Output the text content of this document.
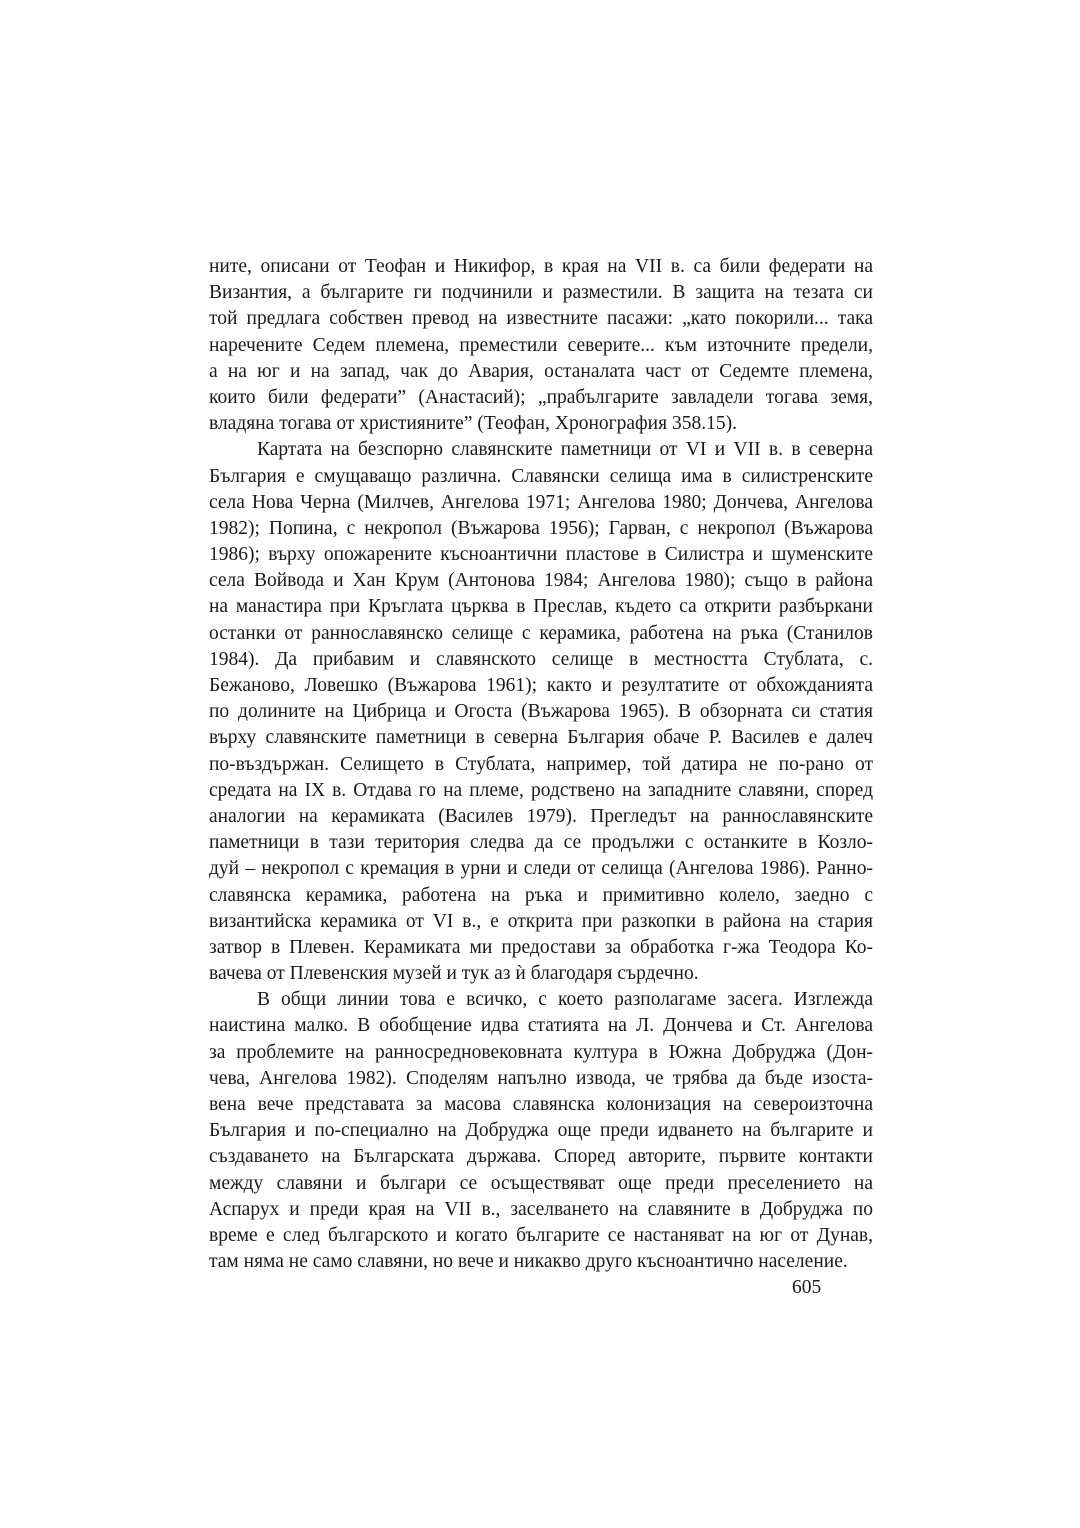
ните, описани от Теофан и Никифор, в края на VII в. са били федерати на
Византия, а българите ги подчинили и разместили. В защита на тезата си
той предлага собствен превод на известните пасажи: „като покорили... така
наречените Седем племена, преместили северите... към източните предели,
а на юг и на запад, чак до Авария, останалата част от Седемте племена,
които били федерати” (Анастасий); „прабългарите завладели тогава земя,
владяна тогава от християните” (Теофан, Хронография 358.15).
Картата на безспорно славянските паметници от VI и VII в. в северна
България е смущаващо различна. Славянски селища има в силистренските
села Нова Черна (Милчев, Ангелова 1971; Ангелова 1980; Дончева, Ангелова
1982); Попина, с некропол (Въжарова 1956); Гарван, с некропол (Въжарова
1986); върху опожарените късноантични пластове в Силистра и шуменските
села Войвода и Хан Крум (Антонова 1984; Ангелова 1980); също в района
на манастира при Кръглата църква в Преслав, където са открити разбъркани
останки от раннославянско селище с керамика, работена на ръка (Станилов
1984). Да прибавим и славянското селище в местността Стублата, с.
Бежаново, Ловешко (Въжарова 1961); както и резултатите от обхожданията
по долините на Цибрица и Огоста (Въжарова 1965). В обзорната си статия
върху славянските паметници в северна България обаче Р. Василев е далеч
по-въздържан. Селището в Стублата, например, той датира не по-рано от
средата на IX в. Отдава го на племе, родствено на западните славяни, според
аналогии на керамиката (Василев 1979). Прегледът на раннославянските
паметници в тази територия следва да се продължи с останките в Козло-
дуй – некропол с кремация в урни и следи от селища (Ангелова 1986). Ранно-
славянска керамика, работена на ръка и примитивно колело, заедно с
византийска керамика от VI в., е открита при разкопки в района на стария
затвор в Плевен. Керамиката ми предостави за обработка г-жа Теодора Ко-
вачева от Плевенския музей и тук аз ѝ благодаря сърдечно.
В общи линии това е всичко, с което разполагаме засега. Изглежда
наистина малко. В обобщение идва статията на Л. Дончева и Ст. Ангелова
за проблемите на ранносредновековната култура в Южна Добруджа (Дон-
чева, Ангелова 1982). Споделям напълно извода, че трябва да бъде изоста-
вена вече представата за масова славянска колонизация на североизточна
България и по-специално на Добруджа още преди идването на българите и
създаването на Българската държава. Според авторите, първите контакти
между славяни и българи се осъществяват още преди преселението на
Аспарух и преди края на VII в., заселването на славяните в Добруджа по
време е след българското и когато българите се настаняват на юг от Дунав,
там няма не само славяни, но вече и никакво друго късноантично население.
605
